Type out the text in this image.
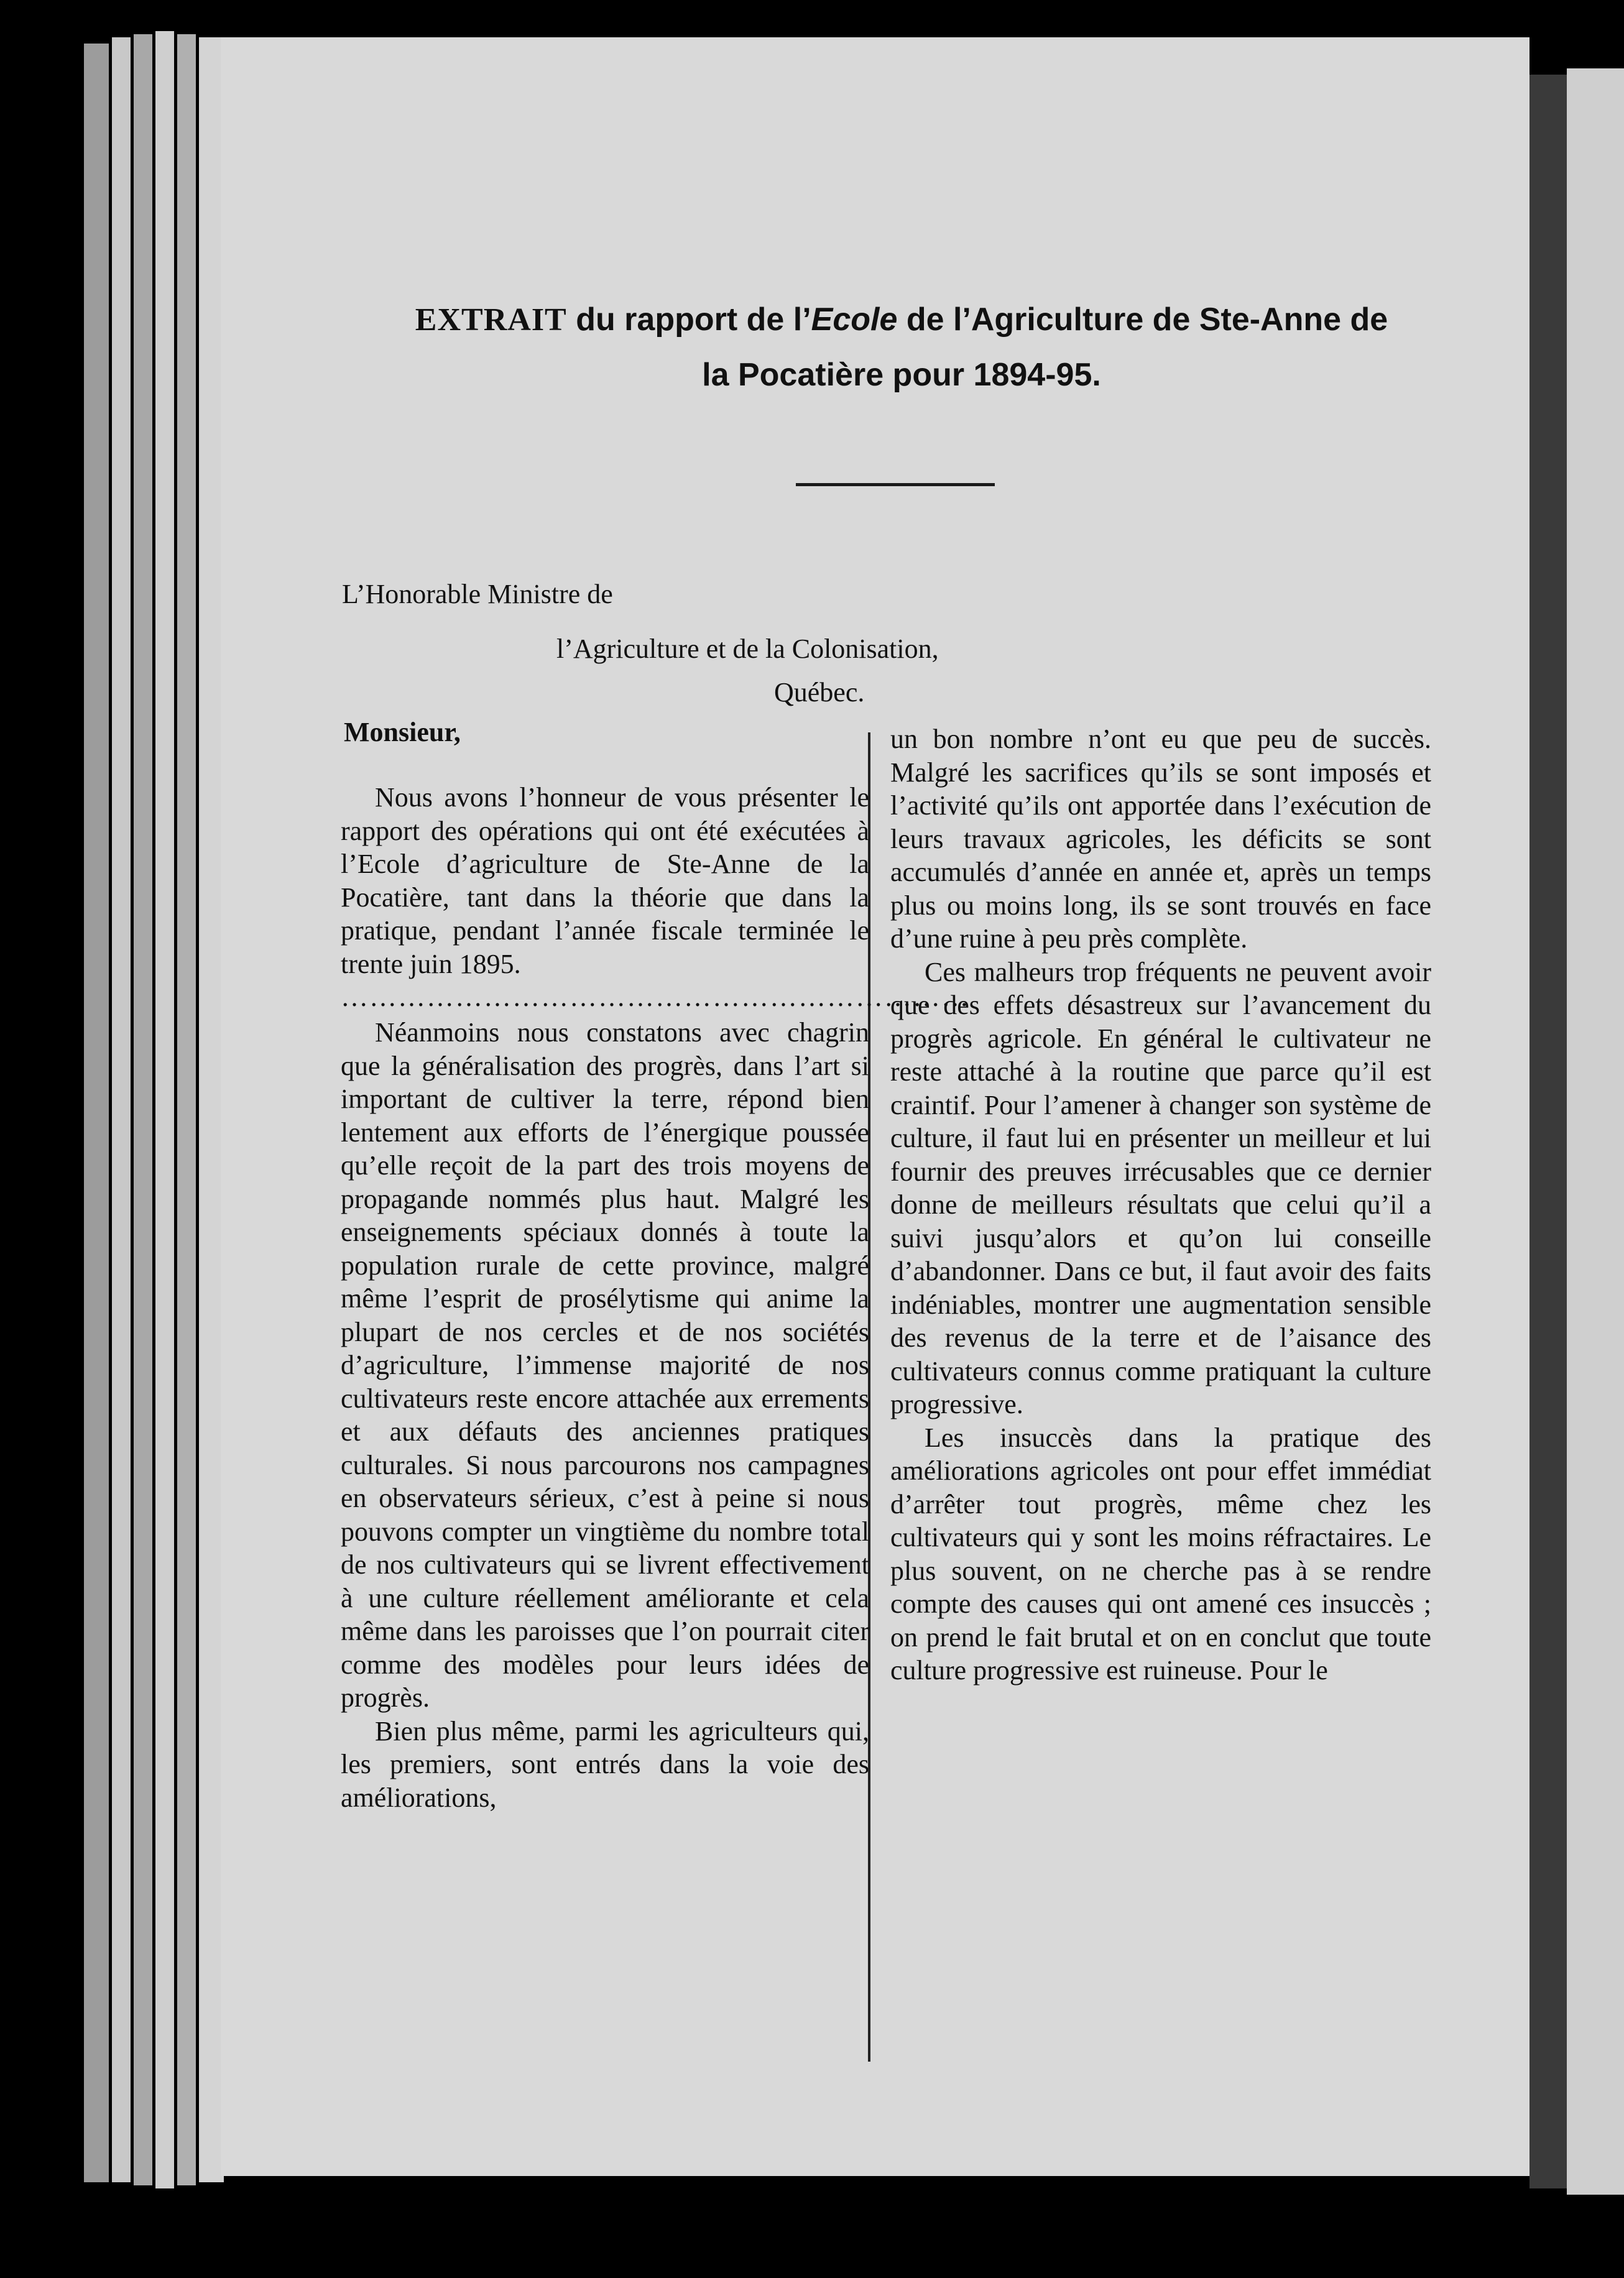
EXTRAIT du rapport de l’Ecole de l’Agriculture de Ste-Anne de
la Pocatière pour 1894-95.
L’Honorable Ministre de
l’Agriculture et de la Colonisation,
Québec.
Monsieur,

Nous avons l’honneur de vous présenter le rapport des opérations qui ont été exécutées à l’Ecole d’agriculture de Ste-Anne de la Pocatière, tant dans la théorie que dans la pratique, pendant l’année fiscale terminée le trente juin 1895.

…………………………………………………………

Néanmoins nous constatons avec chagrin que la généralisation des progrès, dans l’art si important de cultiver la terre, répond bien lentement aux efforts de l’énergique poussée qu’elle reçoit de la part des trois moyens de propagande nommés plus haut. Malgré les enseignements spéciaux donnés à toute la population rurale de cette province, malgré même l’esprit de prosélytisme qui anime la plupart de nos cercles et de nos sociétés d’agriculture, l’immense majorité de nos cultivateurs reste encore attachée aux errements et aux défauts des anciennes pratiques culturales. Si nous parcourons nos campagnes en observateurs sérieux, c’est à peine si nous pouvons compter un vingtième du nombre total de nos cultivateurs qui se livrent effectivement à une culture réellement améliorante et cela même dans les paroisses que l’on pourrait citer comme des modèles pour leurs idées de progrès.

Bien plus même, parmi les agriculteurs qui, les premiers, sont entrés dans la voie des améliorations,

un bon nombre n’ont eu que peu de succès. Malgré les sacrifices qu’ils se sont imposés et l’activité qu’ils ont apportée dans l’exécution de leurs travaux agricoles, les déficits se sont accumulés d’année en année et, après un temps plus ou moins long, ils se sont trouvés en face d’une ruine à peu près complète.

Ces malheurs trop fréquents ne peuvent avoir que des effets désastreux sur l’avancement du progrès agricole. En général le cultivateur ne reste attaché à la routine que parce qu’il est craintif. Pour l’amener à changer son système de culture, il faut lui en présenter un meilleur et lui fournir des preuves irrécusables que ce dernier donne de meilleurs résultats que celui qu’il a suivi jusqu’alors et qu’on lui conseille d’abandonner. Dans ce but, il faut avoir des faits indéniables, montrer une augmentation sensible des revenus de la terre et de l’aisance des cultivateurs connus comme pratiquant la culture progressive.

Les insuccès dans la pratique des améliorations agricoles ont pour effet immédiat d’arrêter tout progrès, même chez les cultivateurs qui y sont les moins réfractaires. Le plus souvent, on ne cherche pas à se rendre compte des causes qui ont amené ces insuccès ; on prend le fait brutal et on en conclut que toute culture progressive est ruineuse. Pour le
